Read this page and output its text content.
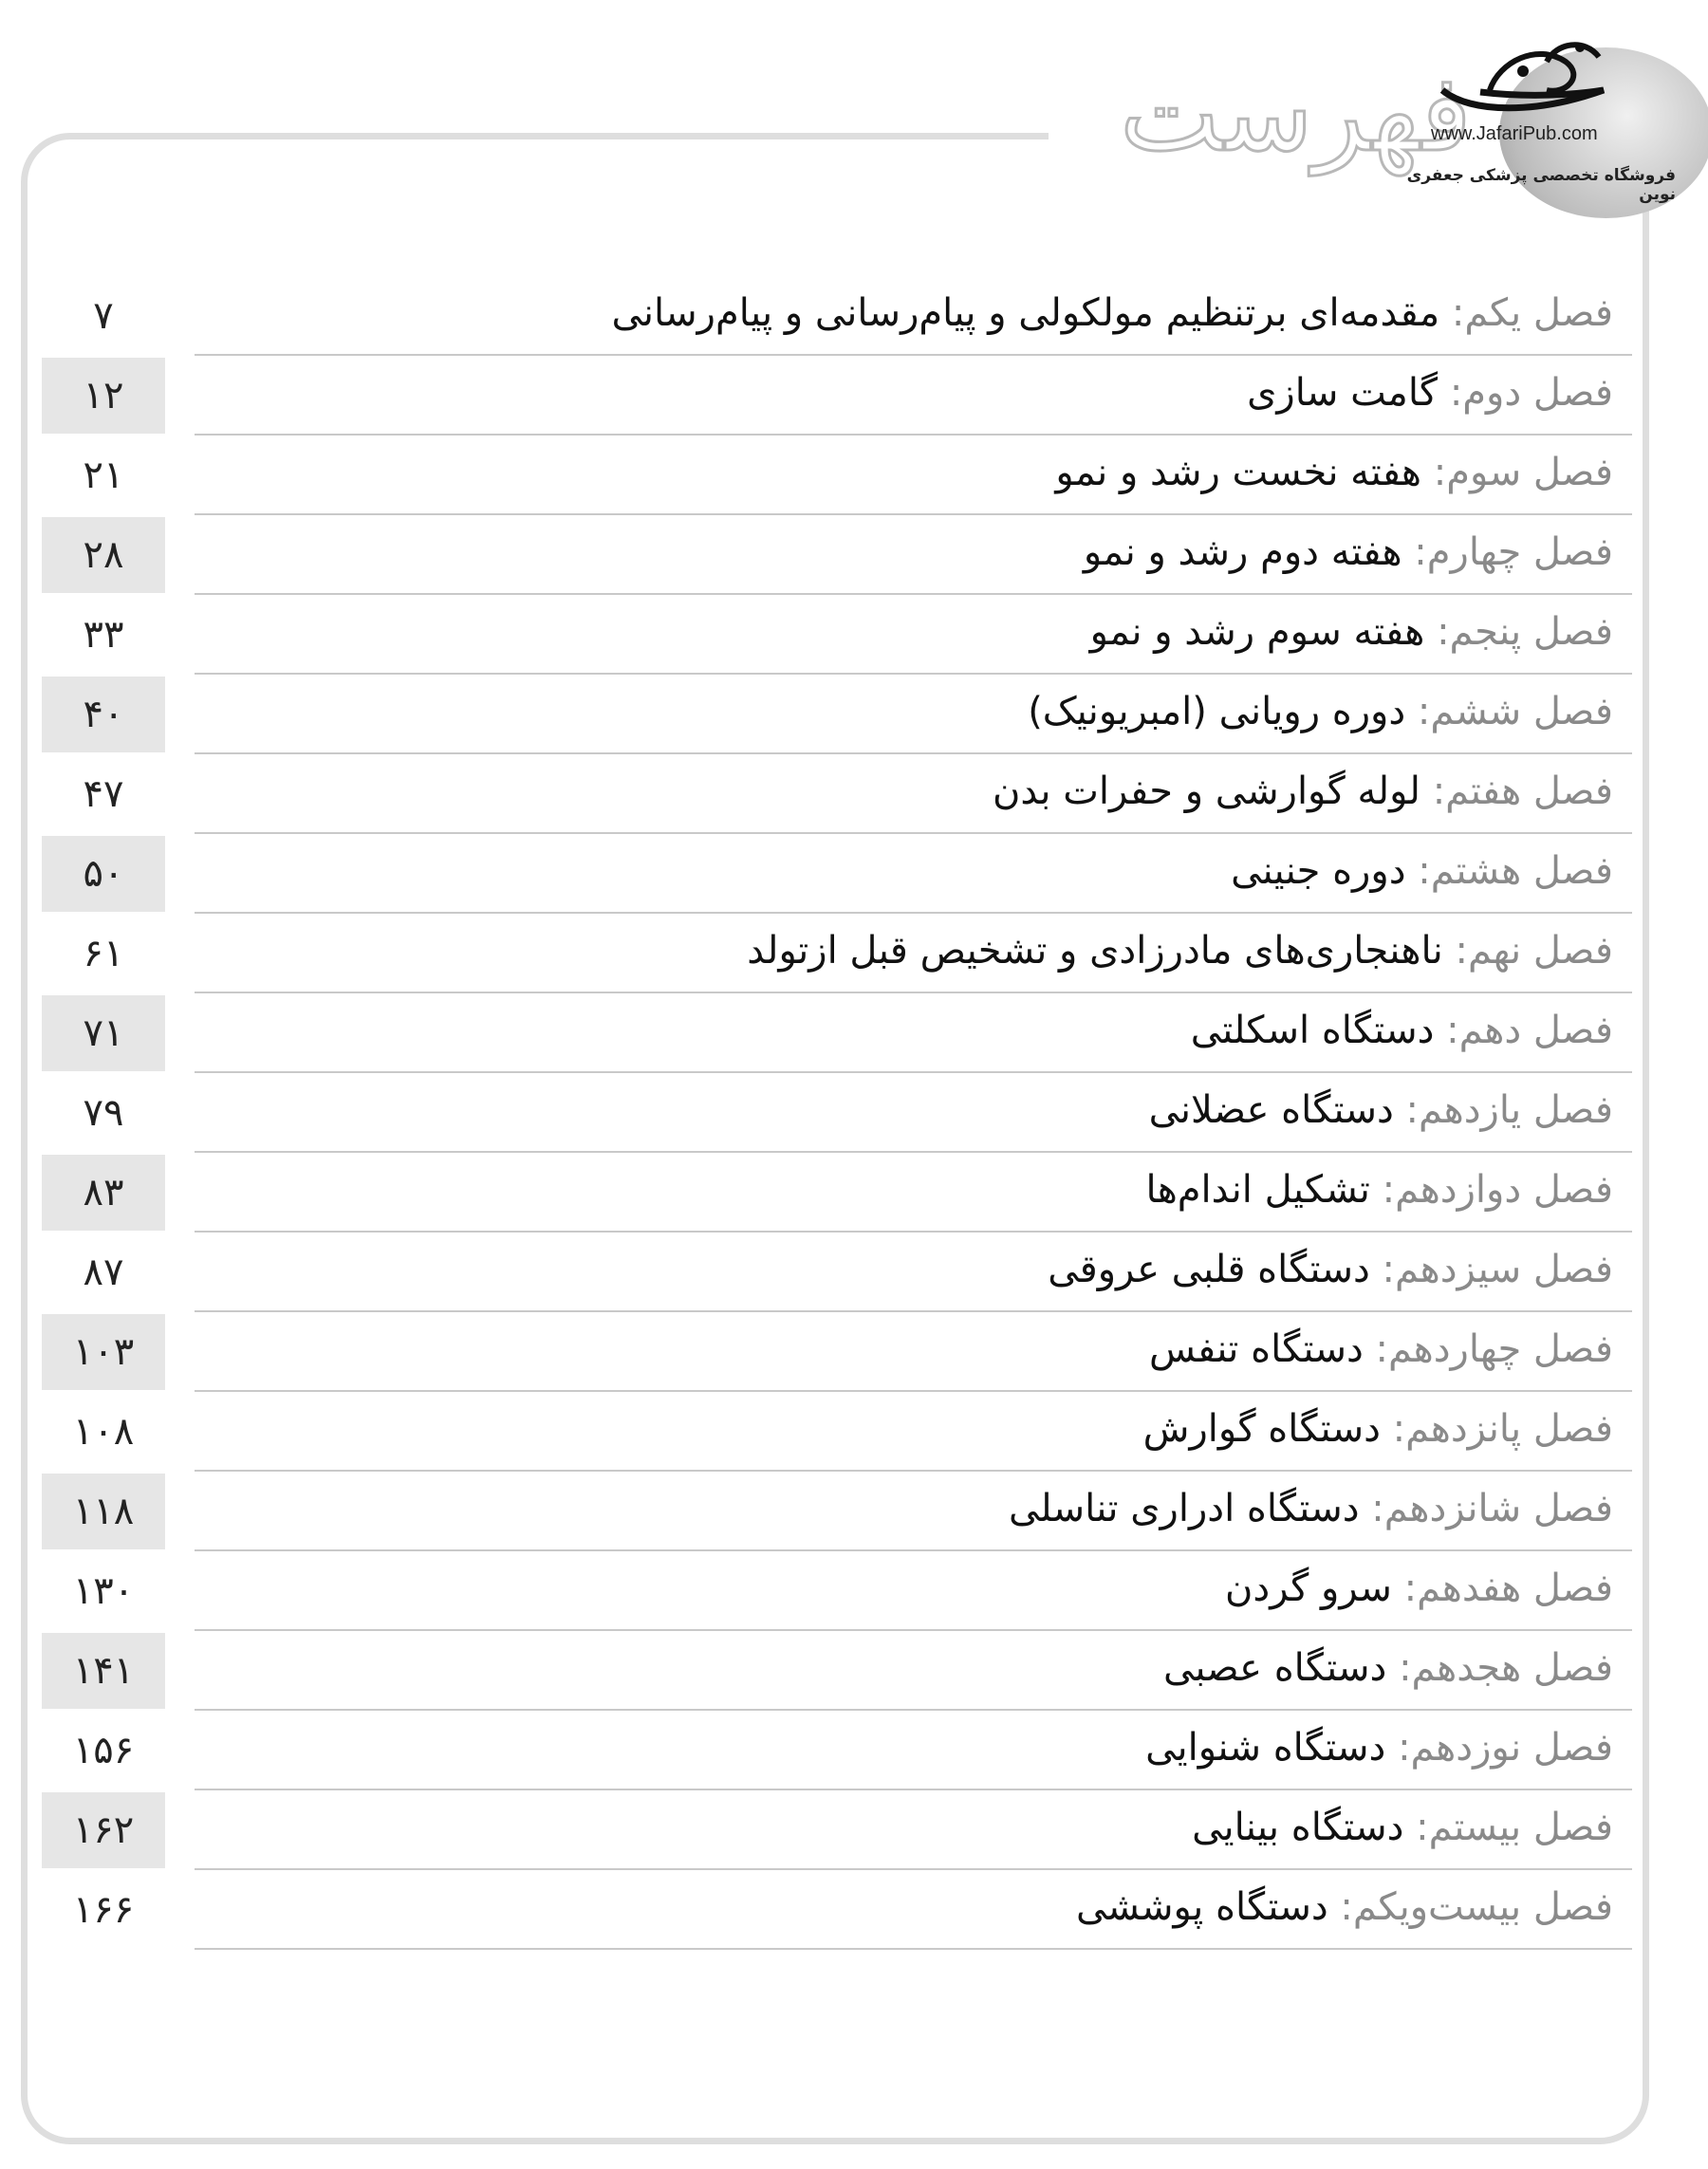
فهرست
www.JafariPub.com
فروشگاه تخصصی پزشکی جعفری نوین
۷	فصل یکم: مقدمه‌ای برتنظیم مولکولی و پیام‌رسانی و پیام‌رسانی
۱۲	فصل دوم: گامت سازی
۲۱	فصل سوم: هفته نخست رشد و نمو
۲۸	فصل چهارم: هفته دوم رشد و نمو
۳۳	فصل پنجم: هفته سوم رشد و نمو
۴۰	فصل ششم: دوره رویانی (امبریونیک)
۴۷	فصل هفتم: لوله گوارشی و حفرات بدن
۵۰	فصل هشتم: دوره جنینی
۶۱	فصل نهم: ناهنجاری‌های مادرزادی و تشخیص قبل ازتولد
۷۱	فصل دهم: دستگاه اسکلتی
۷۹	فصل یازدهم: دستگاه عضلانی
۸۳	فصل دوازدهم: تشکیل اندام‌ها
۸۷	فصل سیزدهم: دستگاه قلبی عروقی
۱۰۳	فصل چهاردهم: دستگاه تنفس
۱۰۸	فصل پانزدهم: دستگاه گوارش
۱۱۸	فصل شانزدهم: دستگاه ادراری تناسلی
۱۳۰	فصل هفدهم: سرو گردن
۱۴۱	فصل هجدهم: دستگاه عصبی
۱۵۶	فصل نوزدهم: دستگاه شنوایی
۱۶۲	فصل بیستم: دستگاه بینایی
۱۶۶	فصل بیست‌ویکم: دستگاه پوششی
